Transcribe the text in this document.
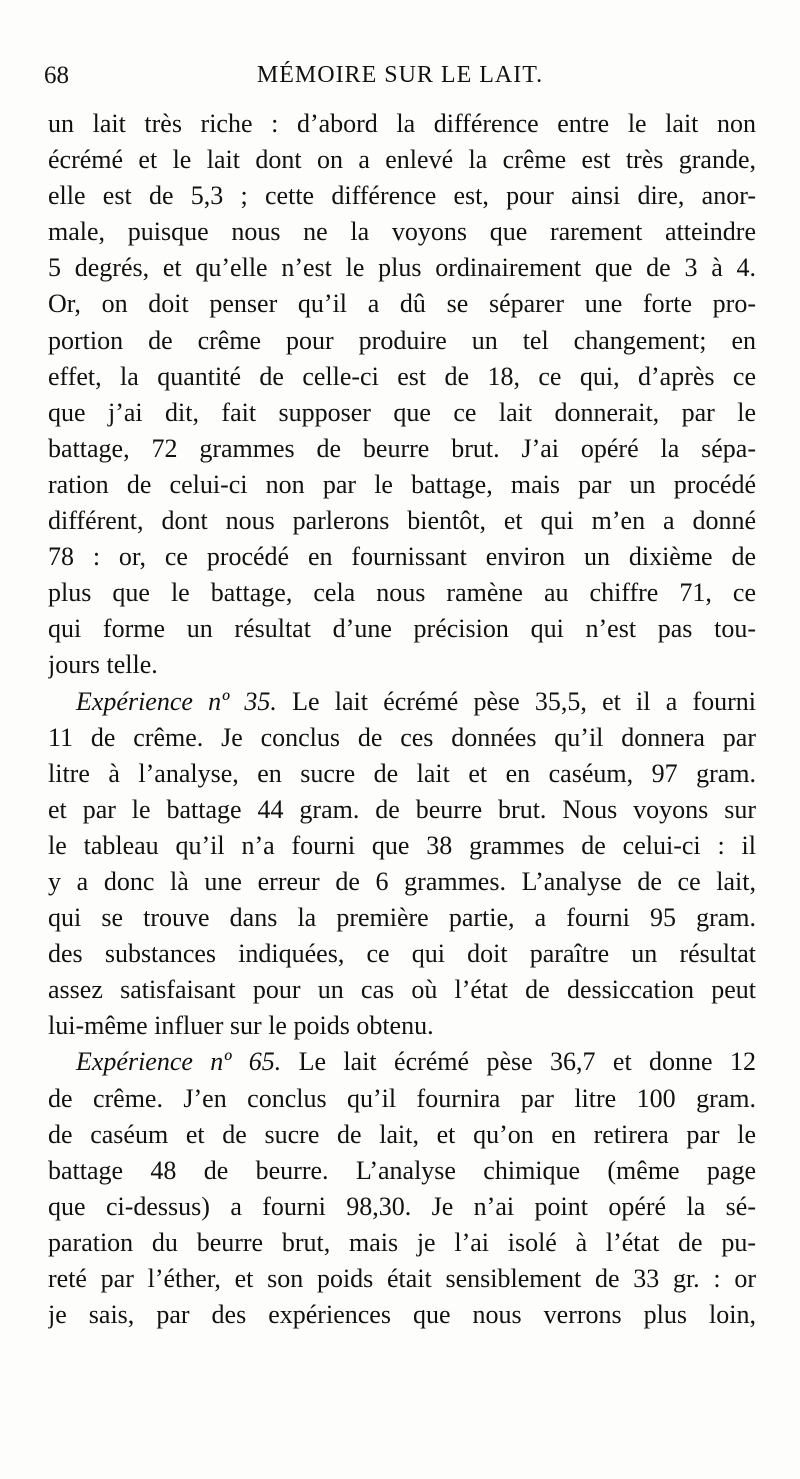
68	MÉMOIRE SUR LE LAIT.
un lait très riche : d’abord la différence entre le lait non
écrémé et le lait dont on a enlevé la crême est très grande,
elle est de 5,3 ; cette différence est, pour ainsi dire, anor-
male, puisque nous ne la voyons que rarement atteindre
5 degrés, et qu’elle n’est le plus ordinairement que de 3 à 4.
Or, on doit penser qu’il a dû se séparer une forte pro-
portion de crême pour produire un tel changement; en
effet, la quantité de celle-ci est de 18, ce qui, d’après ce
que j’ai dit, fait supposer que ce lait donnerait, par le
battage, 72 grammes de beurre brut. J’ai opéré la sépa-
ration de celui-ci non par le battage, mais par un procédé
différent, dont nous parlerons bientôt, et qui m’en a donné
78 : or, ce procédé en fournissant environ un dixième de
plus que le battage, cela nous ramène au chiffre 71, ce
qui forme un résultat d’une précision qui n’est pas tou-
jours telle.
Expérience nº 35. Le lait écrémé pèse 35,5, et il a fourni
11 de crême. Je conclus de ces données qu’il donnera par
litre à l’analyse, en sucre de lait et en caséum, 97 gram.
et par le battage 44 gram. de beurre brut. Nous voyons sur
le tableau qu’il n’a fourni que 38 grammes de celui-ci : il
y a donc là une erreur de 6 grammes. L’analyse de ce lait,
qui se trouve dans la première partie, a fourni 95 gram.
des substances indiquées, ce qui doit paraître un résultat
assez satisfaisant pour un cas où l’état de dessiccation peut
lui-même influer sur le poids obtenu.
Expérience nº 65. Le lait écrémé pèse 36,7 et donne 12
de crême. J’en conclus qu’il fournira par litre 100 gram.
de caséum et de sucre de lait, et qu’on en retirera par le
battage 48 de beurre. L’analyse chimique (même page
que ci-dessus) a fourni 98,30. Je n’ai point opéré la sé-
paration du beurre brut, mais je l’ai isolé à l’état de pu-
reté par l’éther, et son poids était sensiblement de 33 gr. : or
je sais, par des expériences que nous verrons plus loin,
